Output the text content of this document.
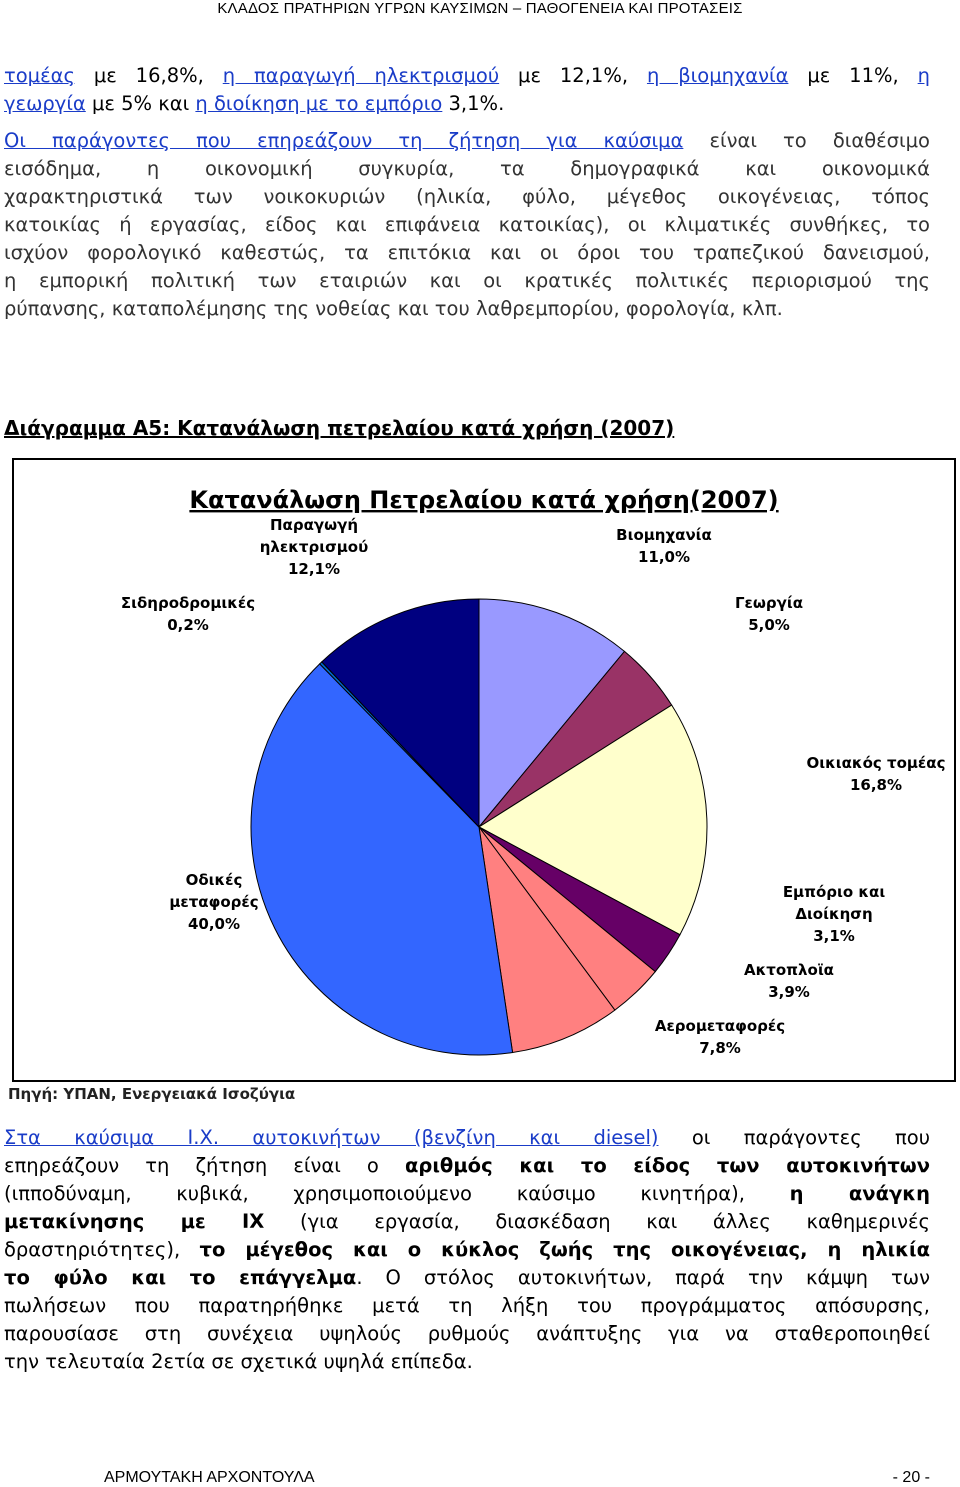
ΚΛΑΔΟΣ ΠΡΑΤΗΡΙΩΝ ΥΓΡΩΝ ΚΑΥΣΙΜΩΝ – ΠΑΘΟΓΕΝΕΙΑ ΚΑΙ ΠΡΟΤΑΣΕΙΣ
τομέας με 16,8%, η παραγωγή ηλεκτρισμού με 12,1%, η βιομηχανία με 11%, η
γεωργία με 5% και η διοίκηση με το εμπόριο 3,1%.
Οι παράγοντες που επηρεάζουν τη ζήτηση για καύσιμα είναι το διαθέσιμο
εισόδημα, η οικονομική συγκυρία, τα δημογραφικά και οικονομικά
χαρακτηριστικά των νοικοκυριών (ηλικία, φύλο, μέγεθος οικογένειας, τόπος
κατοικίας ή εργασίας, είδος και επιφάνεια κατοικίας), οι κλιματικές συνθήκες, το
ισχύον φορολογικό καθεστώς, τα επιτόκια και οι όροι του τραπεζικού δανεισμού,
η εμπορική πολιτική των εταιριών και οι κρατικές πολιτικές περιορισμού της
ρύπανσης, καταπολέμησης της νοθείας και του λαθρεμπορίου, φορολογία, κλπ.
Διάγραμμα Α5: Κατανάλωση πετρελαίου κατά χρήση (2007)
Κατανάλωση Πετρελαίου κατά χρήση(2007)
Βιομηχανία 11,0%
Γεωργία 5,0%
Οικιακός τομέας 16,8%
Εμπόριο και Διοίκηση 3,1%
Ακτοπλοϊα 3,9%
Αερομεταφορές 7,8%
Οδικές μεταφορές 40,0%
Σιδηροδρομικές 0,2%
Παραγωγή ηλεκτρισμού 12,1%
Πηγή: ΥΠΑΝ, Ενεργειακά Ισοζύγια
Στα καύσιμα Ι.Χ. αυτοκινήτων (βενζίνη και diesel) οι παράγοντες που
επηρεάζουν τη ζήτηση είναι ο αριθμός και το είδος των αυτοκινήτων
(ιπποδύναμη, κυβικά, χρησιμοποιούμενο καύσιμο κινητήρα), η ανάγκη
μετακίνησης με ΙΧ (για εργασία, διασκέδαση και άλλες καθημερινές
δραστηριότητες), το μέγεθος και ο κύκλος ζωής της οικογένειας, η ηλικία
το φύλο και το επάγγελμα. Ο στόλος αυτοκινήτων, παρά την κάμψη των
πωλήσεων που παρατηρήθηκε μετά τη λήξη του προγράμματος απόσυρσης,
παρουσίασε στη συνέχεια υψηλούς ρυθμούς ανάπτυξης για να σταθεροποιηθεί
την τελευταία 2ετία σε σχετικά υψηλά επίπεδα.
ΑΡΜΟΥΤΑΚΗ ΑΡΧΟΝΤΟΥΛΑ	- 20 -
